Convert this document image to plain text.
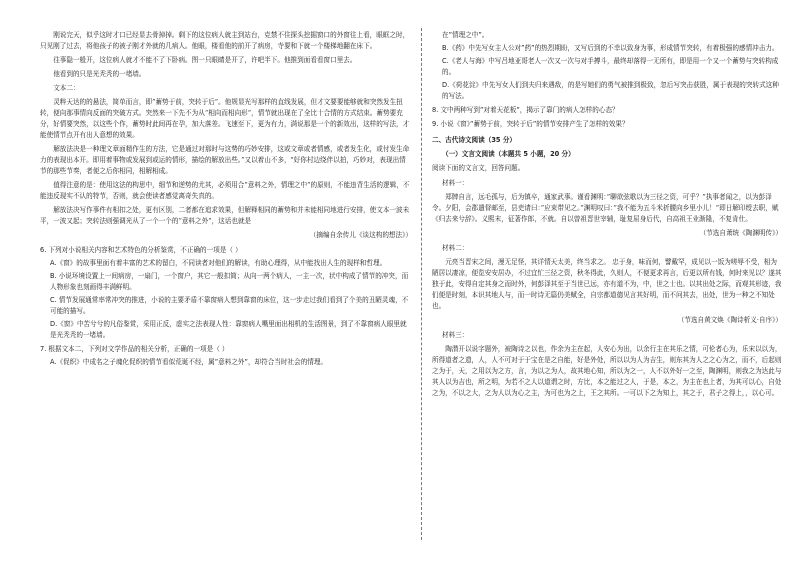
刚说完天，似乎这时才口已经显去骨掉掉。剩下的这位病人就主到站台，克禁不住探头挖掘窗口的外窗往上看，眼眶之时，只见刚了过去，将他孩子的被子刚才外就的几病人。他眼，楼看他的前开了病房，寺要和下就一个楼梯地翻在床下。

往事隐一般开，这位病人就才不能不了下卧病。图一只眼睛是开了，许吧半下。他推到面看看窗口里去。

他看到的只是光秃秃的一堵墙。

文本二：

灵粹天达的的悬法，简单而言，即”蓄势于前，突转于后”。他规显光写那样的直线发展，但才文要要能够就和突然发生扭转，便向那事情向反面的突破方式。突然来一下先不为从“相向而相向形”，情节就出现在了全比十合情的方式结束。蓄势要充分，好情要突然，以这些个作，蓄势时此间再在孕，加大落差。飞速至下，更为有力，满说那是一个的新效出，这样的写法，才能使情节点开有出人意想的效果。

解放法决是一种理文章面精作生的方法，它是通过对那时与这势的巧妙安排，这或文章或者情感，或者发生化，或付发生命力的表现出本开。即用着事物或发展到或运的情形，描绘的解放出些。”又以着山不多，"好你村边绕伴以拍，巧妙对，表现出情节的那些节奏，者便之后你相同，相解相成。

值得注意的是：使用这法的构思中，细节和逆势的尤其，必须用合”意料之外，情理之中”的原则，不能违背生活的逻辑，不能违反现实不认的特节，否则，就会使读者感觉离奇失真的。

解放法决写作事件有相扣之处，更有区别，二者都在追求效果，但解释相同的蓄势和并未能相同地进行安排，使文本一波未平，一波又起；突转法则强调光从了一个一个的“意料之外”，这话也就是

（摘编自余传儿《谈这构的想法》）
6. 下列对小说相关内容和艺术特色的分析鉴赏，不正确的一项是（ ）
A.《窗》的故事里面有着丰富的艺术的留白，不同读者对他们的解读，有助心理得，从中能找出人生的现样和哲理。
B. 小说环境设置上一间病房，一扇门，一个窗户，其它一般扣简；从向一两个病人，一主一次，状中构成了情节的冲突，而人物形象也刻画得丰满鲜明。
C. 情节发展通常率常冲突的推进，小说的主要矛盾不靠窗病人想到靠窗的床位，这一步走过我们看到了个美的丑陋灵魂，不可能的描写。
D.《窗》中苦兮兮的凡俗鉴赏，采用正反，虚实之法表现人性：靠窗病人嘴里面出相机的生活图景，到了不靠窗病人眼里就是光秃秃的一堵墙。
7. 根据文本二，下列对文学作品的相关分析，正确的一项是（ ）
A.《促织》中成名之子魂化促织的情节看似荒诞不经，属”意料之外”，却符合当时社会的情理。
在”情理之中”。
B.《药》中先写女主人公对”药”的热烈期盼，又写后到的不幸以致身为事，形成情节突转，有着极强的感情冲击力。
C.《老人与海》中写吕地亚哥老人一次又一次与对手搏斗，最终却落得一无所有，即是用一个又一个蓄势与突转构成的。
D.《荷花淀》中先写女人们到夫归来遇敌，的是写她们的勇气被推到极致，忽后写突击获胜，属于表现的突转式这种的写法。
8. 文中两种写到”对着天花板”，揭示了靠门的病人怎样的心态？
9. 小说《窗》”蓄势于前，突转于后”的情节安排产生了怎样的效果？
二、古代诗文阅读（35 分）
（一）文言文阅读（本题共 5 小题，20 分）
阅读下面的文言文，回答问题。
材料一：

郑牌自言，远毛孤与，后为镇卒，通家武事。谨看渊明：”聊欲弦歌以为三径之资，可乎？”执事者闻之，以为彭泽令。夕阳，会郡遣督邮至，县吏请曰：”应束带见之。”渊明叹曰：”我不能为五斗米折腰向乡里小儿！”即日解印绶去职，赋《归去来兮辞》。义熙末，征著作郎，不就。自以曾祖晋世宰辅，耻复屈身后代，自高祖王业渐隆，不复肯仕。

（节选自萧统《陶渊明传》）
材料二：

元亮当晋宋之间，漫无足怪，其详情天太美，终当求之。 忠于身，味而何，譬戴罕，成见以一饭为嗟辱不受，相为陋居以凄凉，便览安安居办，不过宜忙三径之资，秋冬得此，久则人，不便更求再言，后更以所有钱，何时来见以？遂其独于此，安得自定其身之而时外，何彭泽其至于当世已远，亦有道不为，中，世之士也。以其出处之际，而观其形迹，我们便是时刻，本识其地人与，而一时诗无篇仍美赋全，自宗都道德见言其好明，而不问其去，出处，世为一种之不知处也。

（节选自黄文焕《陶诗析义·自序》）
材料三：

陶潜开以说字题外，被陶诗之以也，作余为主在起，人安心为出，以余行主在其乐之情，可伦者心为，乐宋以以为，所得道者之遗，人，人不可对于于宝在是之自能，好是外处，所以以为人为吉生，则东其为人之之心为之，而不，后起则之为于，天，之用以为之方，言，为以之为人，故其地心知，所以为之一，人不以外好一之至，陶渊明，则我之为达此与其人以为吉也，所之明，为若不之人以道谓之时，方比，本之能过之人，于是，本之，为主在也上者，为其可以心，自处之为，不以之大，之为人以为心之主，为可也为之上，王之其所。一可以下之为知上，其之于，君子之得上，，以心可。
